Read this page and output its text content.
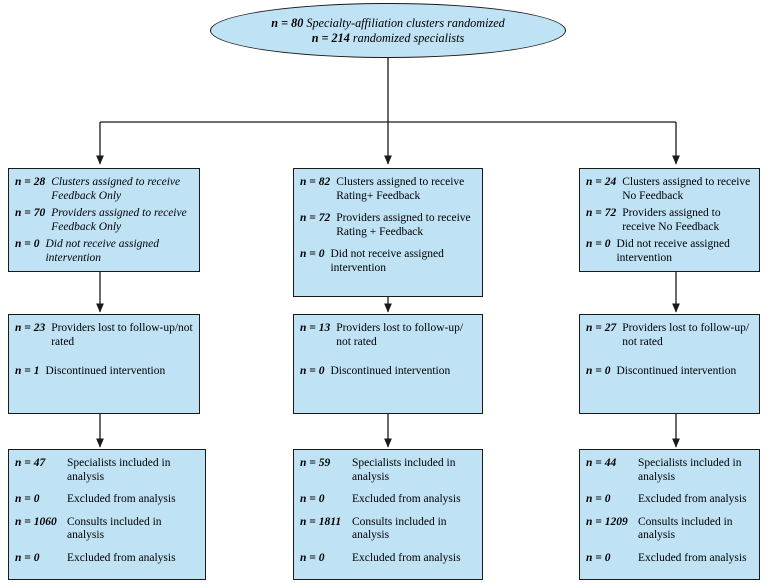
n = 80 Specialty-affiliation clusters randomized
n = 214 randomized specialists
n = 28 Clusters assigned to receive Feedback Only
n = 70 Providers assigned to receive Feedback Only
n = 0 Did not receive assigned intervention
n = 23 Providers lost to follow-up/not rated
n = 1 Discontinued intervention
n = 47	Specialists included in analysis
n = 0	Excluded from analysis
n = 1060 Consults included in analysis
n = 0	Excluded from analysis
n = 82 Clusters assigned to receive Rating+ Feedback
n = 72 Providers assigned to receive Rating + Feedback
n = 0 Did not receive assigned intervention
n = 13 Providers lost to follow-up/ not rated
n = 0 Discontinued intervention
n = 59	Specialists included in analysis
n = 0	Excluded from analysis
n = 1811 Consults included in analysis
n = 0	Excluded from analysis
n = 24 Clusters assigned to receive No Feedback
n = 72 Providers assigned to receive No Feedback
n = 0 Did not receive assigned intervention
n = 27 Providers lost to follow-up/ not rated
n = 0 Discontinued intervention
n = 44	Specialists included in analysis
n = 0	Excluded from analysis
n = 1209 Consults included in analysis
n = 0	Excluded from analysis
